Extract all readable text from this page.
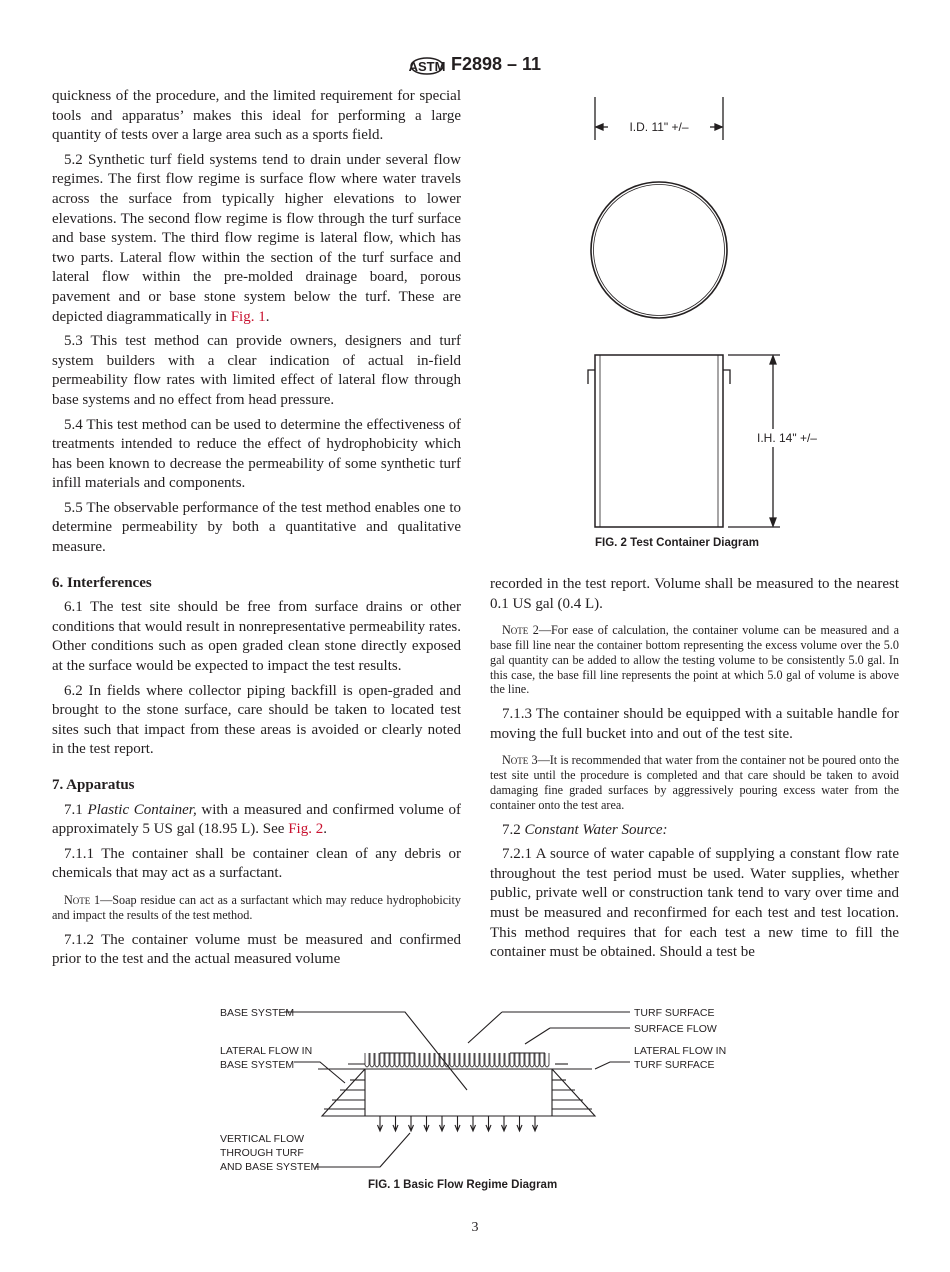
ASTM F2898 – 11

quickness of the procedure, and the limited requirement for special tools and apparatus’ makes this ideal for performing a large quantity of tests over a large area such as a sports field.

5.2 Synthetic turf field systems tend to drain under several flow regimes. The first flow regime is surface flow where water travels across the surface from typically higher elevations to lower elevations. The second flow regime is flow through the turf surface and base system. The third flow regime is lateral flow, which has two parts. Lateral flow within the section of the turf surface and lateral flow within the pre-molded drainage board, porous pavement and or base stone system below the turf. These are depicted diagrammatically in Fig. 1.

5.3 This test method can provide owners, designers and turf system builders with a clear indication of actual in-field permeability flow rates with limited effect of lateral flow through base systems and no effect from head pressure.

5.4 This test method can be used to determine the effectiveness of treatments intended to reduce the effect of hydrophobicity which has been known to decrease the permeability of some synthetic turf infill materials and components.

5.5 The observable performance of the test method enables one to determine permeability by both a quantitative and qualitative measure.

6. Interferences

6.1 The test site should be free from surface drains or other conditions that would result in nonrepresentative permeability rates. Other conditions such as open graded clean stone directly exposed at the surface would be expected to impact the test results.

6.2 In fields where collector piping backfill is open-graded and brought to the stone surface, care should be taken to located test sites such that impact from these areas is avoided or clearly noted in the test report.

7. Apparatus

7.1 Plastic Container, with a measured and confirmed volume of approximately 5 US gal (18.95 L). See Fig. 2.

7.1.1 The container shall be container clean of any debris or chemicals that may act as a surfactant.

Note 1—Soap residue can act as a surfactant which may reduce hydrophobicity and impact the results of the test method.

7.1.2 The container volume must be measured and confirmed prior to the test and the actual measured volume

recorded in the test report. Volume shall be measured to the nearest 0.1 US gal (0.4 L).

Note 2—For ease of calculation, the container volume can be measured and a base fill line near the container bottom representing the excess volume over the 5.0 gal quantity can be added to allow the testing volume to be consistently 5.0 gal. In this case, the base fill line represents the point at which 5.0 gal of volume is above the line.

7.1.3 The container should be equipped with a suitable handle for moving the full bucket into and out of the test site.

Note 3—It is recommended that water from the container not be poured onto the test site until the procedure is completed and that care should be taken to avoid damaging fine graded surfaces by aggressively pouring excess water from the container onto the test area.

7.2 Constant Water Source:

7.2.1 A source of water capable of supplying a constant flow rate throughout the test period must be used. Water supplies, whether public, private well or construction tank tend to vary over time and must be measured and reconfirmed for each test and test location. This method requires that for each test a new time to fill the container must be obtained. Should a test be

I.D. 11" +/–
I.H. 14" +/–
FIG. 2 Test Container Diagram
BASE SYSTEM	TURF SURFACE
SURFACE FLOW
LATERAL FLOW IN
BASE SYSTEM
LATERAL FLOW IN
TURF SURFACE
VERTICAL FLOW
THROUGH TURF
AND BASE SYSTEM
FIG. 1 Basic Flow Regime Diagram
3
